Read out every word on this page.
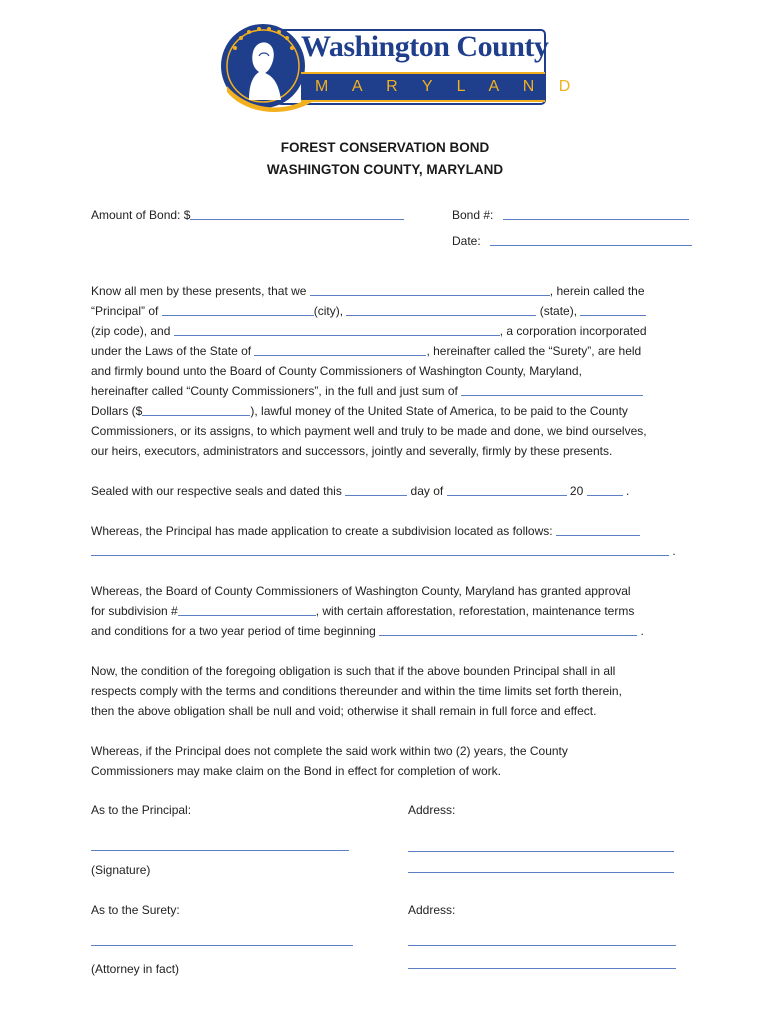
Washington County
M A R Y L A N D
1776
FOREST CONSERVATION BOND
WASHINGTON COUNTY, MARYLAND
Amount of Bond: $	Bond #:
Date:
Know all men by these presents, that we	, herein called the
“Principal” of	(city),	(state),
(zip code), and	, a corporation incorporated
under the Laws of the State of	, hereinafter called the “Surety”, are held
and firmly bound unto the Board of County Commissioners of Washington County, Maryland,
hereinafter called “County Commissioners”, in the full and just sum of
Dollars ($	), lawful money of the United State of America, to be paid to the County
Commissioners, or its assigns, to which payment well and truly to be made and done, we bind ourselves,
our heirs, executors, administrators and successors, jointly and severally, firmly by these presents.
Sealed with our respective seals and dated this	day of	20	.
Whereas, the Principal has made application to create a subdivision located as follows:
.
Whereas, the Board of County Commissioners of Washington County, Maryland has granted approval
for subdivision #	, with certain afforestation, reforestation, maintenance terms
and conditions for a two year period of time beginning	.
Now, the condition of the foregoing obligation is such that if the above bounden Principal shall in all
respects comply with the terms and conditions thereunder and within the time limits set forth therein,
then the above obligation shall be null and void; otherwise it shall remain in full force and effect.
Whereas, if the Principal does not complete the said work within two (2) years, the County
Commissioners may make claim on the Bond in effect for completion of work.
As to the Principal:	Address:
(Signature)
As to the Surety:	Address:
(Attorney in fact)
